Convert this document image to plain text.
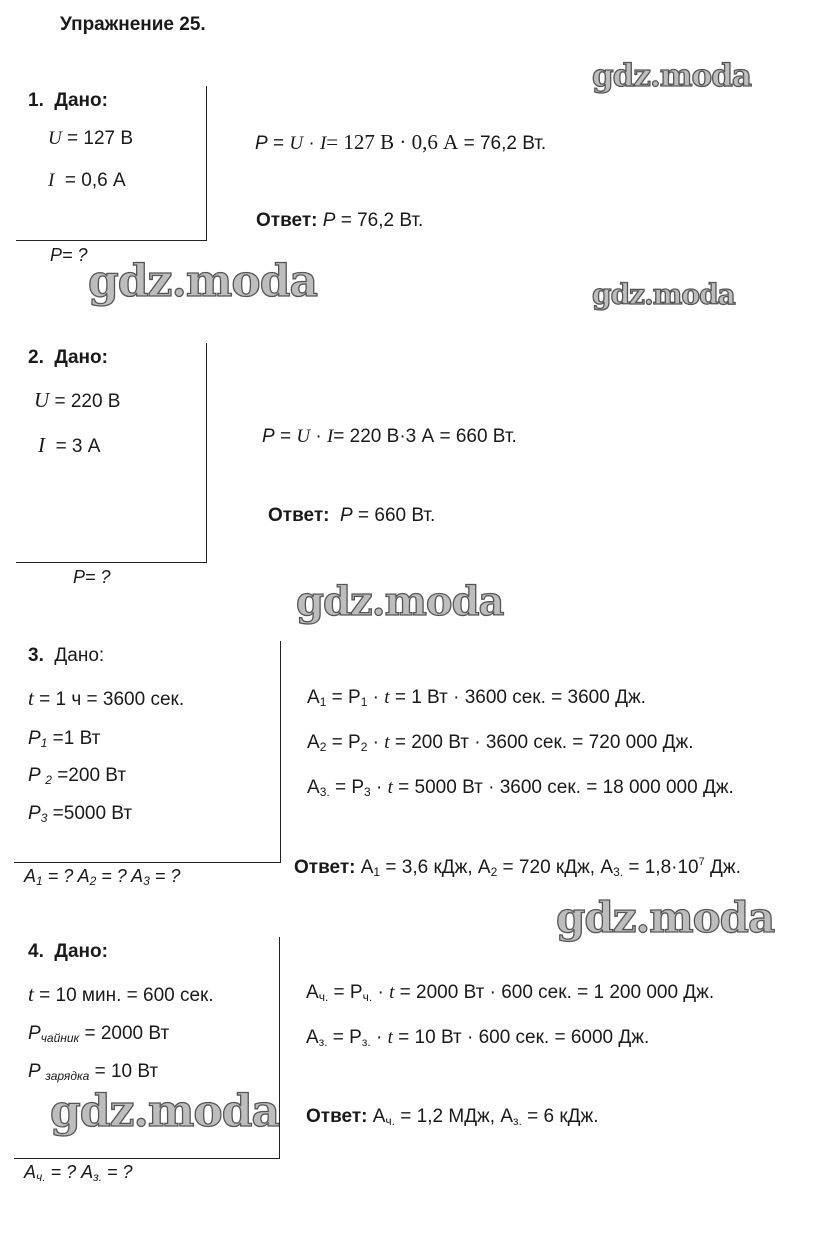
Упражнение 25.
gdz.moda
gdz.moda	gdz.moda
gdz.moda
gdz.moda
gdz.moda
1. Дано:
U = 127 В
I = 0,6 А
P= ?
P = U · I= 127 В · 0,6 А = 76,2 Вт.
Ответ: P = 76,2 Вт.
2. Дано:
U = 220 В
I = 3 А
P= ?
P = U · I= 220 В·3 А = 660 Вт.
Ответ: P = 660 Вт.
3. Дано:
t = 1 ч = 3600 сек.
$P_1 =1$ Вт
P $_2$ =200 Вт
$P_3 =5000$ Вт
$A_1$ = ? $A_2$ = ? $A_3$ = ?
$A_1 = P_1 \cdot t = 1$ Вт · 3600 сек. = 3600 Дж.
$A_2 = P_2 \cdot t = 200$ Вт · 3600 сек. = 720 000 Дж.
$A_{3.} = P_3 \cdot t = 5000$ Вт · 3600 сек. = 18 000 000 Дж.
Ответ: $A_1 = 3,6$ кДж, $A_2 = 720$ кДж, $A_{3.} = 1,8\cdot 10^7$ Дж.
4. Дано:
t = 10 мин. = 600 сек.
$P_{чайник} = 2000$ Вт
P $_{зарядка}$ = 10 Вт
$A_{ч.}$ = ? $A_{з.}$ = ?
$A_{ч.} = P_{ч.} \cdot t = 2000$ Вт · 600 сек. = 1 200 000 Дж.
$A_{з.} = P_{з.} \cdot t = 10$ Вт · 600 сек. = 6000 Дж.
Ответ: $A_{ч.} = 1,2$ МДж, $A_{з.} = 6$ кДж.
